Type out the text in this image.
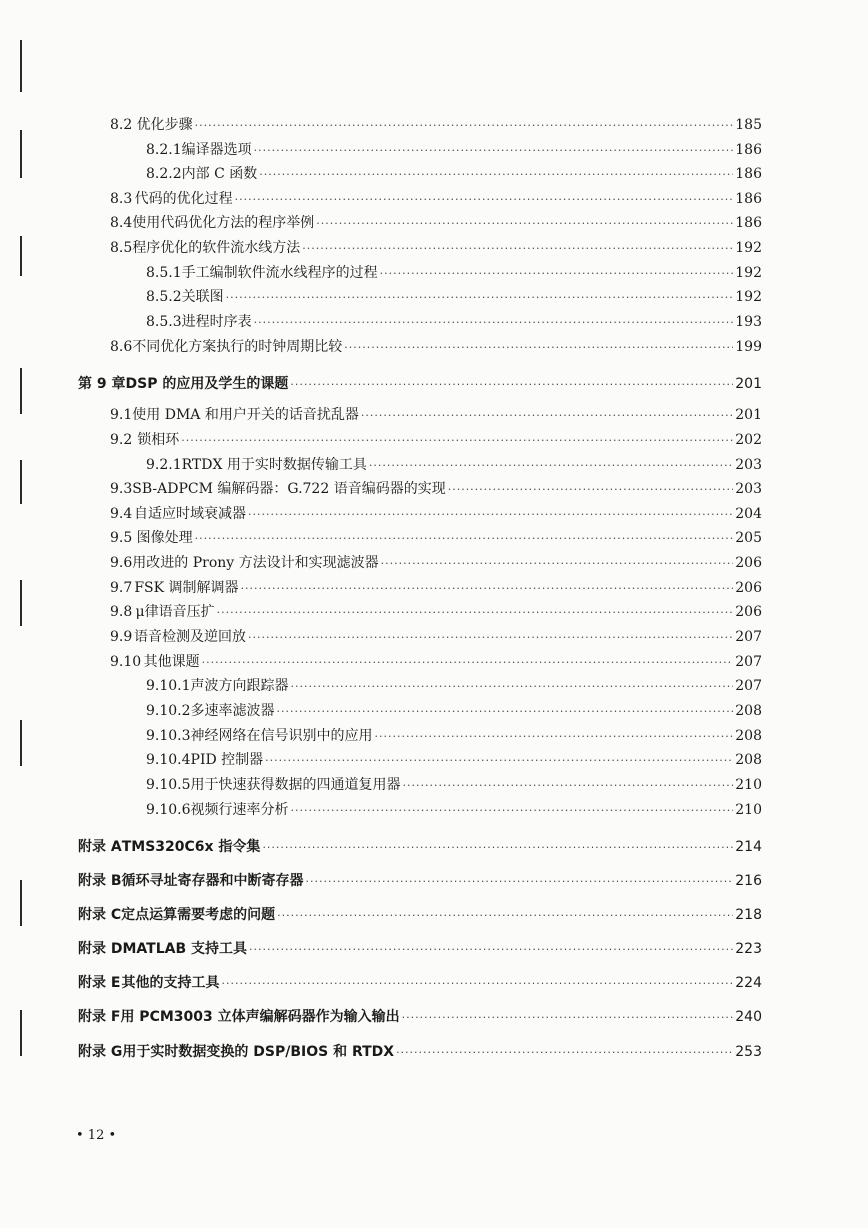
8.2 优化步骤 ·····	185
8.2.1 编译器选项 ·····	186
8.2.2 内部 C 函数 ·····	186
8.3 代码的优化过程 ·····	186
8.4 使用代码优化方法的程序举例 ·····	186
8.5 程序优化的软件流水线方法 ·····	192
8.5.1 手工编制软件流水线程序的过程 ·····	192
8.5.2 关联图 ·····	192
8.5.3 进程时序表 ·····	193
8.6 不同优化方案执行的时钟周期比较 ·····	199
第 9 章 DSP 的应用及学生的课题 ·····	201
9.1 使用 DMA 和用户开关的话音扰乱器 ·····	201
9.2 锁相环 ·····	202
9.2.1 RTDX 用于实时数据传输工具 ·····	203
9.3 SB-ADPCM 编解码器：G.722 语音编码器的实现 ·····	203
9.4 自适应时域衰减器 ·····	204
9.5 图像处理 ·····	205
9.6 用改进的 Prony 方法设计和实现滤波器 ·····	206
9.7 FSK 调制解调器 ·····	206
9.8 μ律语音压扩 ·····	206
9.9 语音检测及逆回放 ·····	207
9.10 其他课题 ·····	207
9.10.1 声波方向跟踪器 ·····	207
9.10.2 多速率滤波器 ·····	208
9.10.3 神经网络在信号识别中的应用 ·····	208
9.10.4 PID 控制器 ·····	208
9.10.5 用于快速获得数据的四通道复用器 ·····	210
9.10.6 视频行速率分析 ·····	210
附录 A TMS320C6x 指令集 ·····	214
附录 B 循环寻址寄存器和中断寄存器 ·····	216
附录 C 定点运算需要考虑的问题 ·····	218
附录 D MATLAB 支持工具 ·····	223
附录 E 其他的支持工具 ·····	224
附录 F 用 PCM3003 立体声编解码器作为输入输出 ·····	240
附录 G 用于实时数据变换的 DSP/BIOS 和 RTDX ·····	253
• 12 •
